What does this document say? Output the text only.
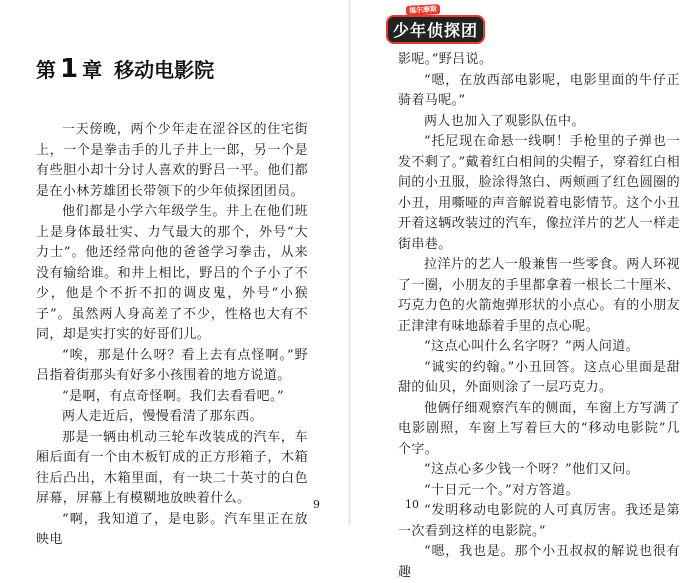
第 1 章 移动电影院

一天傍晚，两个少年走在涩谷区的住宅街上，一个是拳击手的儿子井上一郎，另一个是有些胆小却十分讨人喜欢的野吕一平。他们都是在小林芳雄团长带领下的少年侦探团团员。

他们都是小学六年级学生。井上在他们班上是身体最壮实、力气最大的那个，外号“大力士”。他还经常向他的爸爸学习拳击，从来没有输给谁。和井上相比，野吕的个子小了不少，他是个不折不扣的调皮鬼，外号“小猴子”。虽然两人身高差了不少，性格也大有不同，却是实打实的好哥们儿。

“唉，那是什么呀？看上去有点怪啊。”野吕指着街那头有好多小孩围着的地方说道。

“是啊，有点奇怪啊。我们去看看吧。”

两人走近后，慢慢看清了那东西。

那是一辆由机动三轮车改装成的汽车，车厢后面有一个由木板钉成的正方形箱子，木箱往后凸出，木箱里面，有一块二十英寸的白色屏幕，屏幕上有模糊地放映着什么。

“啊，我知道了，是电影。汽车里正在放映电

9
福尔摩斯
少年侦探团

影呢。”野吕说。

“嗯，在放西部电影呢，电影里面的牛仔正骑着马呢。”

两人也加入了观影队伍中。

“托尼现在命悬一线啊！手枪里的子弹也一发不剩了。”戴着红白相间的尖帽子，穿着红白相间的小丑服，脸涂得煞白、两颊画了红色圆圈的小丑，用嘶哑的声音解说着电影情节。这个小丑开着这辆改装过的汽车，像拉洋片的艺人一样走街串巷。

拉洋片的艺人一般兼售一些零食。两人环视了一圈，小朋友的手里都拿着一根长二十厘米、巧克力色的火箭炮弹形状的小点心。有的小朋友正津津有味地舔着手里的点心呢。

“这点心叫什么名字呀？”两人问道。

“诚实的约翰。”小丑回答。这点心里面是甜甜的仙贝，外面则涂了一层巧克力。

他俩仔细观察汽车的侧面，车窗上方写满了电影剧照，车窗上写着巨大的“移动电影院”几个字。

“这点心多少钱一个呀？”他们又问。

“十日元一个。”对方答道。

“发明移动电影院的人可真厉害。我还是第一次看到这样的电影院。”

“嗯，我也是。那个小丑叔叔的解说也很有趣

10
